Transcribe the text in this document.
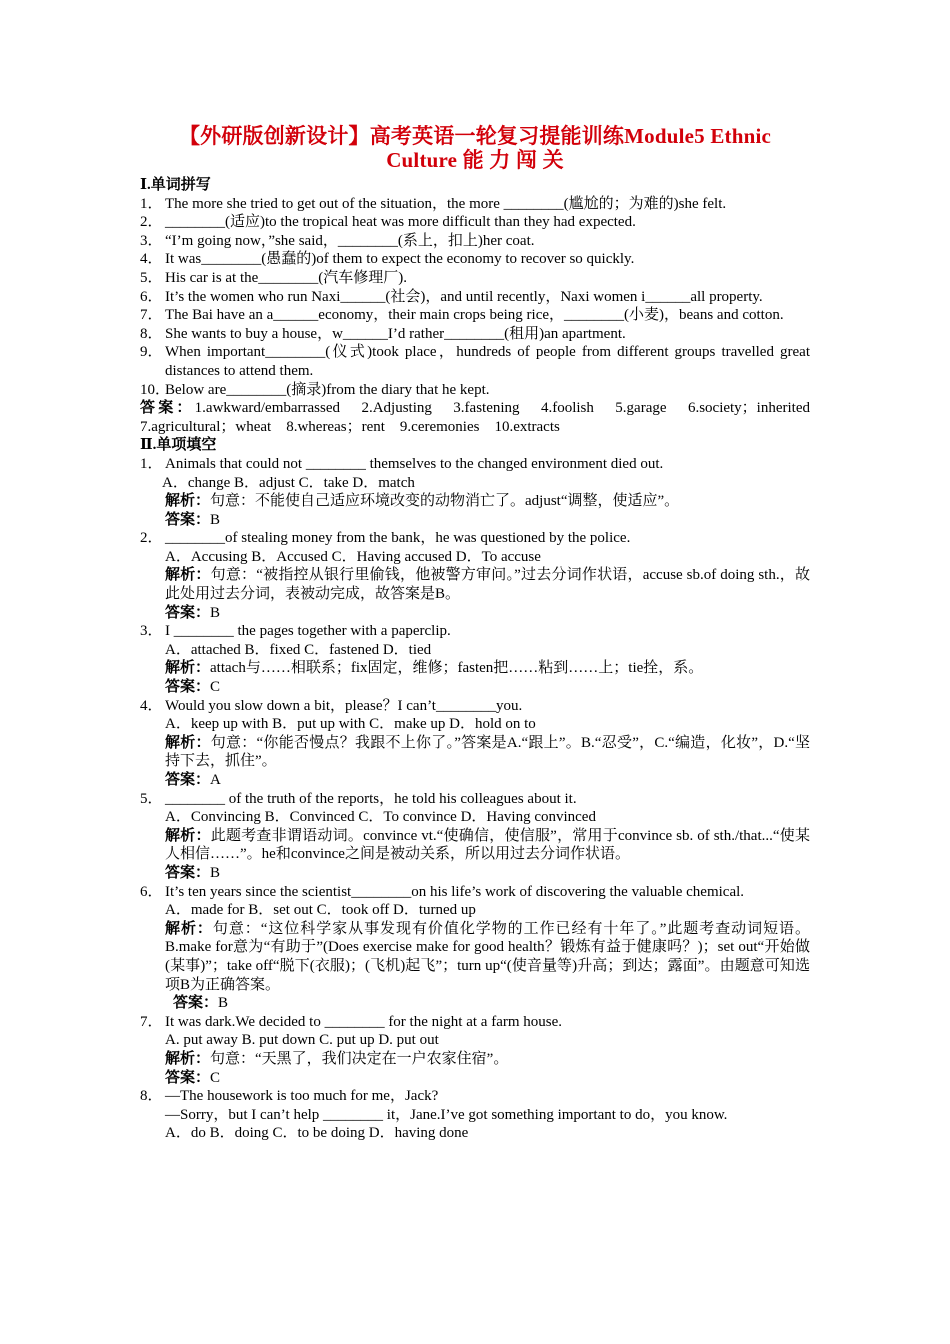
【外研版创新设计】高考英语一轮复习提能训练Module5 Ethnic
Culture 能 力 闯 关
Ⅰ.单词拼写
1． The more she tried to get out of the situation，the more ________(尴尬的；为难的)she felt.
2． ________(适应)to the tropical heat was more difficult than they had expected.
3． “I’m going now，”she said，________(系上，扣上)her coat.
4． It was________(愚蠢的)of them to expect the economy to recover so quickly.
5． His car is at the________(汽车修理厂).
6． It’s the women who run Naxi______(社会)，and until recently，Naxi women i______all property.
7． The Bai have an a______economy，their main crops being rice，________(小麦)，beans and cotton.
8． She wants to buy a house，w______I’d rather________(租用)an apartment.
9． When important________(仪式)took place，hundreds of people from different groups travelled great distances to attend them.
10．
Below are________(摘录)from the diary that he kept.
答案：1.awkward/embarrassed　2.Adjusting　3.fastening　4.foolish　5.garage　6.society；inherited　7.agricultural；wheat　8.whereas；rent　9.ceremonies　10.extracts
Ⅱ.单项填空
1． Animals that could not ________ themselves to the changed environment died out.
A．change B．adjust C．take D．match
解析：句意：不能使自己适应环境改变的动物消亡了。adjust“调整，使适应”。
答案：B
2． ________of stealing money from the bank，he was questioned by the police.
A．Accusing B．Accused C．Having accused D．To accuse
解析：句意：“被指控从银行里偷钱，他被警方审问。”过去分词作状语，accuse sb.of doing sth.，故此处用过去分词，表被动完成，故答案是B。
答案：B
3． I ________ the pages together with a paperclip.
A．attached B．fixed C．fastened D．tied
解析：attach与……相联系；fix固定，维修；fasten把……粘到……上；tie拴，系。
答案：C
4． Would you slow down a bit，please？I can’t________you.
A．keep up with B．put up with C．make up D．hold on to
解析：句意：“你能否慢点？我跟不上你了。”答案是A.“跟上”。B.“忍受”，C.“编造，化妆”，D.“坚持下去，抓住”。
答案：A
5． ________ of the truth of the reports，he told his colleagues about it.
A．Convincing B．Convinced C．To convince D．Having convinced
解析：此题考查非谓语动词。convince vt.“使确信，使信服”，常用于convince sb. of sth./that...“使某人相信……”。he和convince之间是被动关系，所以用过去分词作状语。
答案：B
6． It’s ten years since the scientist________on his life’s work of discovering the valuable chemical.
A．made for B．set out C．took off D．turned up
解析：句意：“这位科学家从事发现有价值化学物的工作已经有十年了。”此题考查动词短语。B.make for意为“有助于”(Does exercise make for good health？锻炼有益于健康吗？)；set out“开始做(某事)”；take off“脱下(衣服)；(飞机)起飞”；turn up“(使音量等)升高；到达；露面”。由题意可知选项B为正确答案。
答案：B
7． It was dark.We decided to ________ for the night at a farm house.
A. put away B. put down C. put up D. put out
解析：句意：“天黑了，我们决定在一户农家住宿”。
答案：C
8． —The housework is too much for me，Jack?
—Sorry，but I can’t help ________ it，Jane.I’ve got something important to do，you know.
A．do B．doing C．to be doing D．having done
